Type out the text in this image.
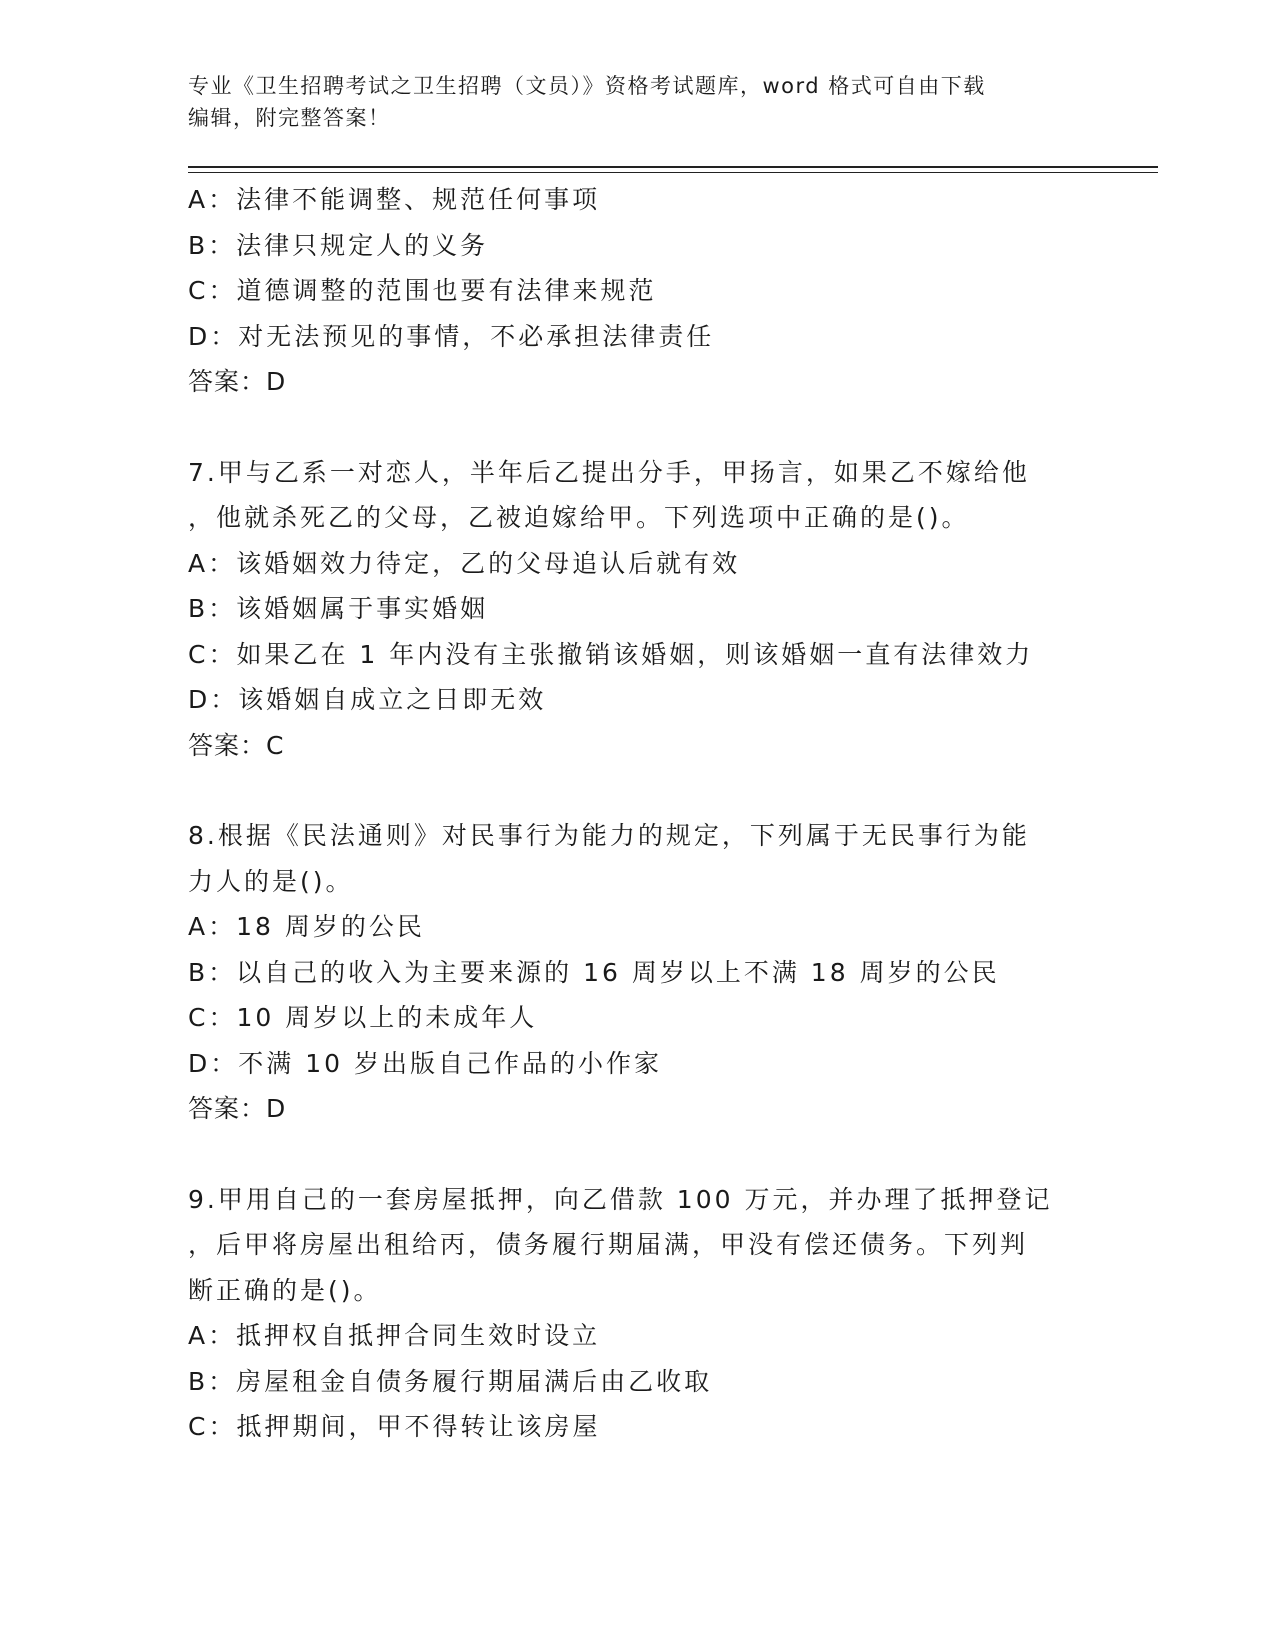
专业《卫生招聘考试之卫生招聘（文员）》资格考试题库，word 格式可自由下载
编辑，附完整答案！
A：法律不能调整、规范任何事项
B：法律只规定人的义务
C：道德调整的范围也要有法律来规范
D：对无法预见的事情，不必承担法律责任
答案：D
7.甲与乙系一对恋人，半年后乙提出分手，甲扬言，如果乙不嫁给他
，他就杀死乙的父母，乙被迫嫁给甲。下列选项中正确的是()。
A：该婚姻效力待定，乙的父母追认后就有效
B：该婚姻属于事实婚姻
C：如果乙在 1 年内没有主张撤销该婚姻，则该婚姻一直有法律效力
D：该婚姻自成立之日即无效
答案：C
8.根据《民法通则》对民事行为能力的规定，下列属于无民事行为能
力人的是()。
A：18 周岁的公民
B：以自己的收入为主要来源的 16 周岁以上不满 18 周岁的公民
C：10 周岁以上的未成年人
D：不满 10 岁出版自己作品的小作家
答案：D
9.甲用自己的一套房屋抵押，向乙借款 100 万元，并办理了抵押登记
，后甲将房屋出租给丙，债务履行期届满，甲没有偿还债务。下列判
断正确的是()。
A：抵押权自抵押合同生效时设立
B：房屋租金自债务履行期届满后由乙收取
C：抵押期间，甲不得转让该房屋
